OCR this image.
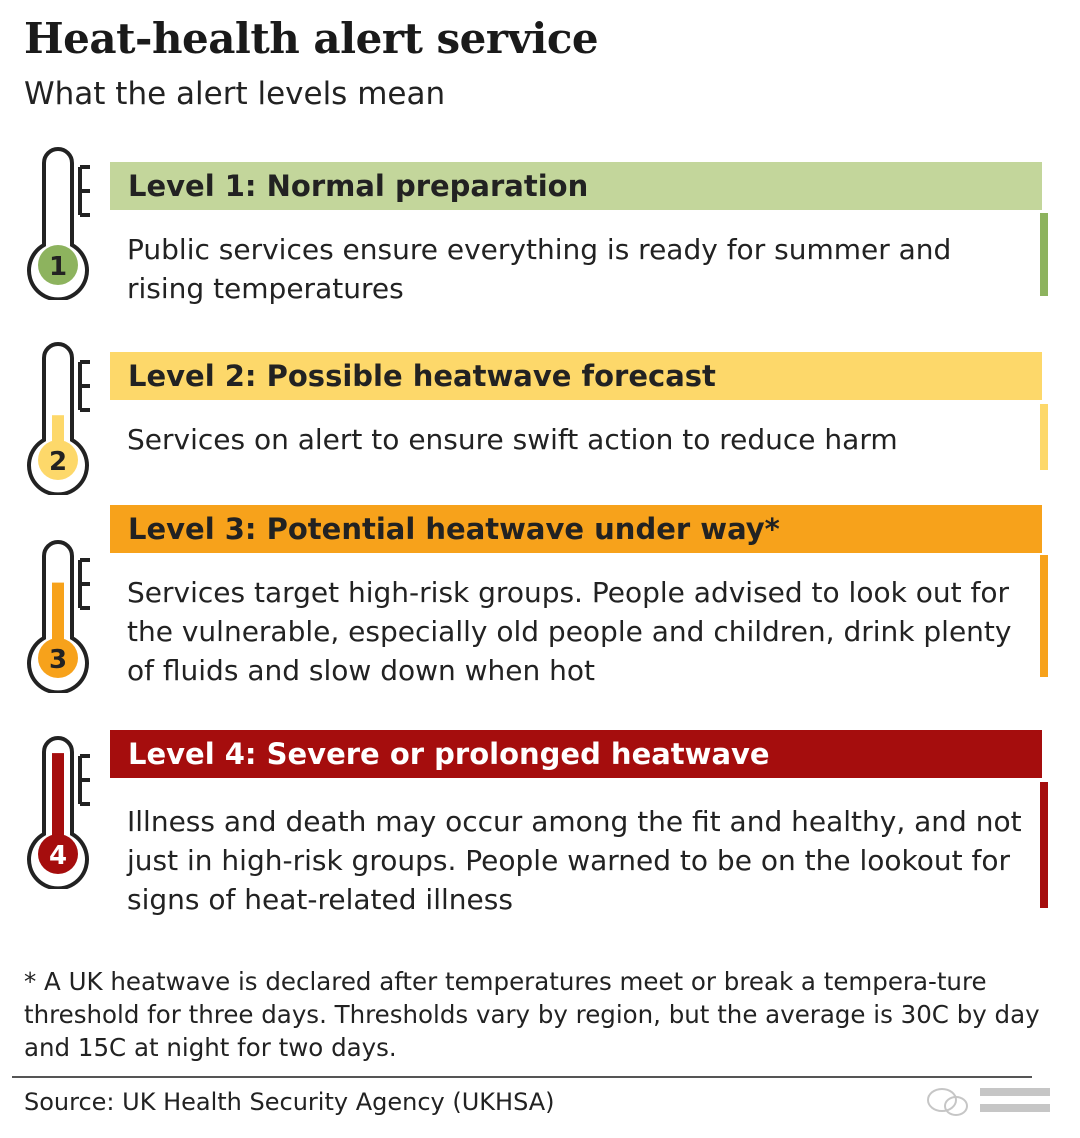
Heat-health alert service
What the alert levels mean
1
Level 1: Normal preparation
Public services ensure everything is ready for summer and rising temperatures
2
Level 2: Possible heatwave forecast
Services on alert to ensure swift action to reduce harm
3
Level 3: Potential heatwave under way*
Services target high-risk groups. People advised to look out for the vulnerable, especially old people and children, drink plenty of fluids and slow down when hot
4
Level 4: Severe or prolonged heatwave
Illness and death may occur among the fit and healthy, and not just in high-risk groups. People warned to be on the lookout for signs of heat-related illness
* A UK heatwave is declared after temperatures meet or break a tempera-ture threshold for three days. Thresholds vary by region, but the average is 30C by day and 15C at night for two days.
Source: UK Health Security Agency (UKHSA)
